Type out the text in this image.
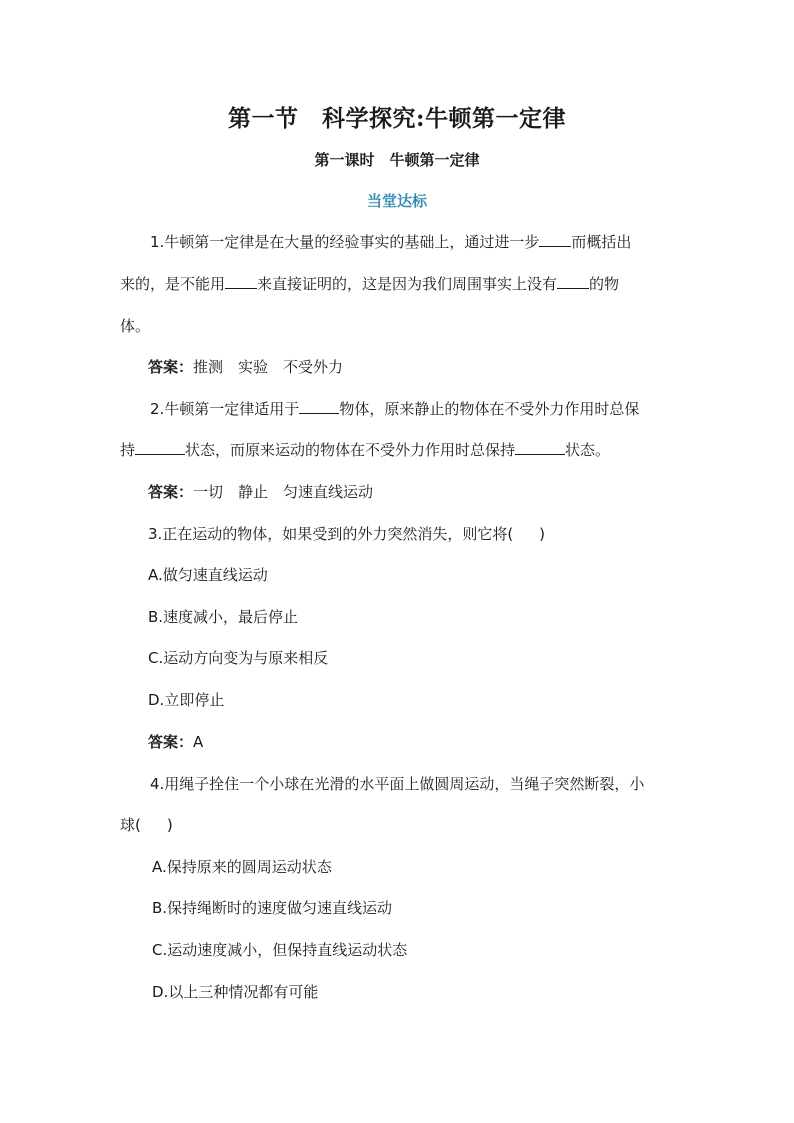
第一节　科学探究:牛顿第一定律
第一课时　牛顿第一定律
当堂达标
1.牛顿第一定律是在大量的经验事实的基础上，通过进一步 而概括出
来的，是不能用 来直接证明的，这是因为我们周围事实上没有 的物
体。
答案：推测　实验　不受外力
2.牛顿第一定律适用于	物体，原来静止的物体在不受外力作用时总保
持	状态，而原来运动的物体在不受外力作用时总保持	状态。
答案：一切　静止　匀速直线运动
3.正在运动的物体，如果受到的外力突然消失，则它将( )
A.做匀速直线运动
B.速度减小，最后停止
C.运动方向变为与原来相反
D.立即停止
答案：A
4.用绳子拴住一个小球在光滑的水平面上做圆周运动，当绳子突然断裂，小
球( )
A.保持原来的圆周运动状态
B.保持绳断时的速度做匀速直线运动
C.运动速度减小，但保持直线运动状态
D.以上三种情况都有可能
